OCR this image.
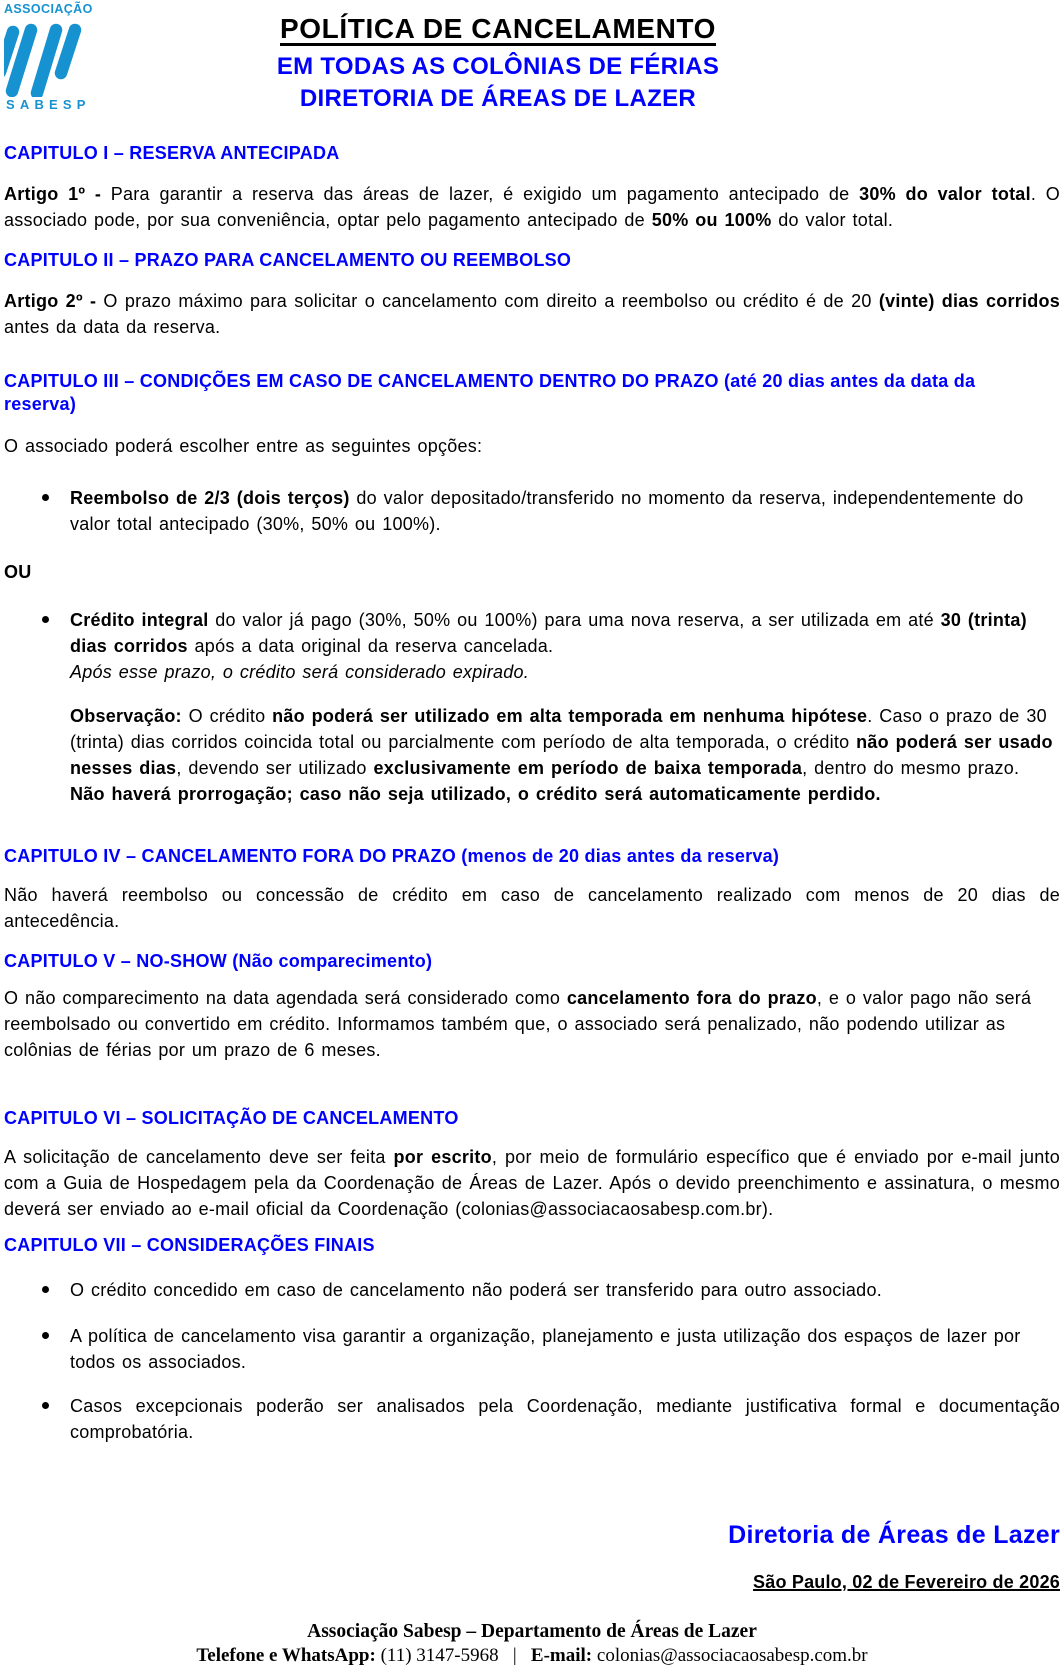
ASSOCIAÇÃO
SABESP
POLÍTICA DE CANCELAMENTO
EM TODAS AS COLÔNIAS DE FÉRIAS
DIRETORIA DE ÁREAS DE LAZER
CAPITULO I – RESERVA ANTECIPADA

Artigo 1º - Para garantir a reserva das áreas de lazer, é exigido um pagamento antecipado de 30% do valor total. O associado pode, por sua conveniência, optar pelo pagamento antecipado de 50% ou 100% do valor total.

CAPITULO II – PRAZO PARA CANCELAMENTO OU REEMBOLSO

Artigo 2º - O prazo máximo para solicitar o cancelamento com direito a reembolso ou crédito é de 20 (vinte) dias corridos antes da data da reserva.

CAPITULO III – CONDIÇÕES EM CASO DE CANCELAMENTO DENTRO DO PRAZO (até 20 dias antes da data da reserva)

O associado poderá escolher entre as seguintes opções:

Reembolso de 2/3 (dois terços) do valor depositado/transferido no momento da reserva, independentemente do valor total antecipado (30%, 50% ou 100%).

OU

Crédito integral do valor já pago (30%, 50% ou 100%) para uma nova reserva, a ser utilizada em até 30 (trinta) dias corridos após a data original da reserva cancelada.
Após esse prazo, o crédito será considerado expirado.

Observação: O crédito não poderá ser utilizado em alta temporada em nenhuma hipótese. Caso o prazo de 30 (trinta) dias corridos coincida total ou parcialmente com período de alta temporada, o crédito não poderá ser usado nesses dias, devendo ser utilizado exclusivamente em período de baixa temporada, dentro do mesmo prazo. Não haverá prorrogação; caso não seja utilizado, o crédito será automaticamente perdido.

CAPITULO IV – CANCELAMENTO FORA DO PRAZO (menos de 20 dias antes da reserva)

Não haverá reembolso ou concessão de crédito em caso de cancelamento realizado com menos de 20 dias de antecedência.

CAPITULO V – NO-SHOW (Não comparecimento)

O não comparecimento na data agendada será considerado como cancelamento fora do prazo, e o valor pago não será reembolsado ou convertido em crédito. Informamos também que, o associado será penalizado, não podendo utilizar as colônias de férias por um prazo de 6 meses.

CAPITULO VI – SOLICITAÇÃO DE CANCELAMENTO

A solicitação de cancelamento deve ser feita por escrito, por meio de formulário específico que é enviado por e-mail junto com a Guia de Hospedagem pela da Coordenação de Áreas de Lazer. Após o devido preenchimento e assinatura, o mesmo deverá ser enviado ao e-mail oficial da Coordenação (colonias@associacaosabesp.com.br).

CAPITULO VII – CONSIDERAÇÕES FINAIS

O crédito concedido em caso de cancelamento não poderá ser transferido para outro associado.

A política de cancelamento visa garantir a organização, planejamento e justa utilização dos espaços de lazer por todos os associados.

Casos excepcionais poderão ser analisados pela Coordenação, mediante justificativa formal e documentação comprobatória.

Diretoria de Áreas de Lazer
São Paulo, 02 de Fevereiro de 2026
Associação Sabesp – Departamento de Áreas de Lazer
Telefone e WhatsApp: (11) 3147-5968   |   E-mail: colonias@associacaosabesp.com.br
